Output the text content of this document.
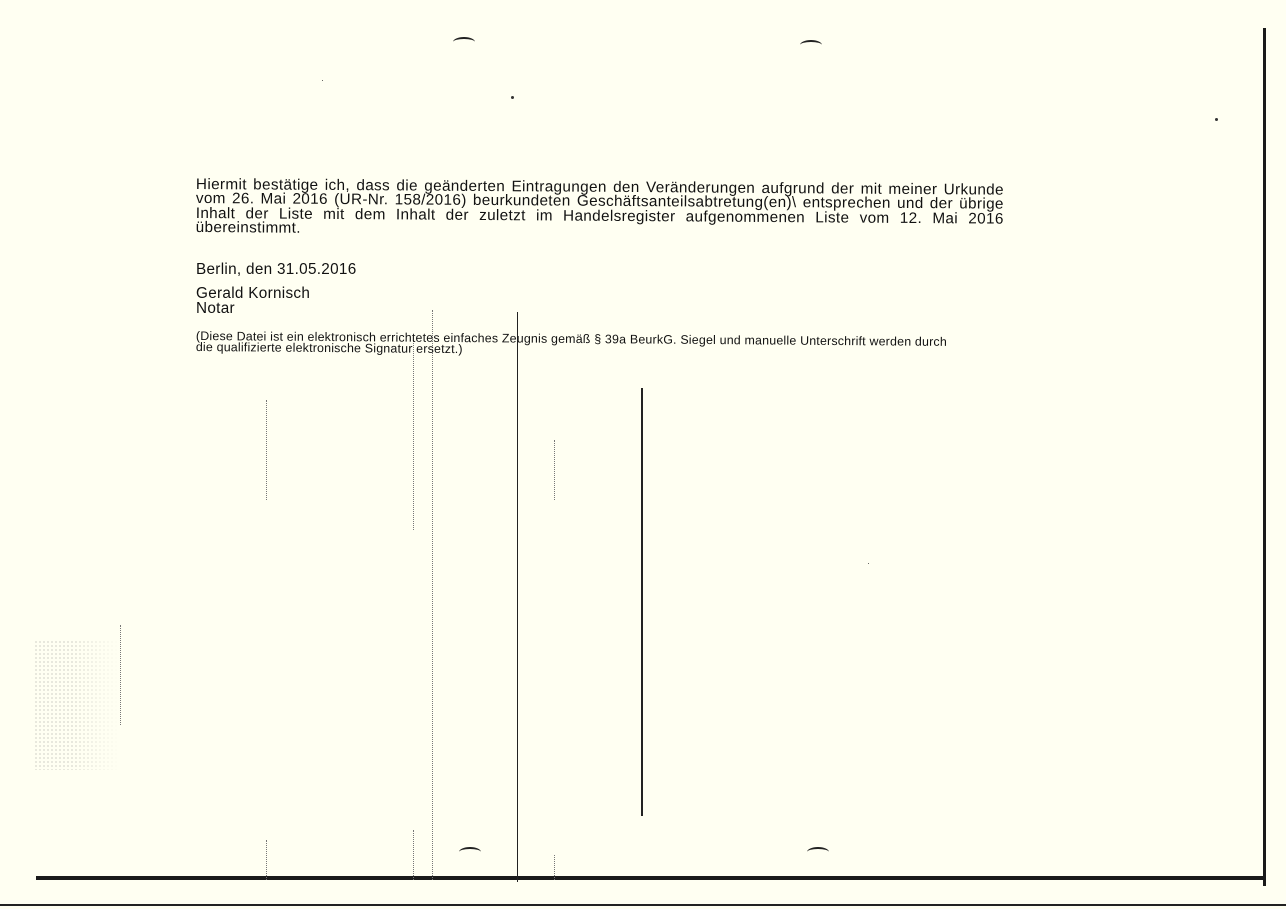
Hiermit bestätige ich, dass die geänderten Eintragungen den Veränderungen aufgrund der mit meiner Urkunde vom 26. Mai 2016 (UR-Nr. 158/2016) beurkundeten Geschäftsanteilsabtretung(en)\ entsprechen und der übrige Inhalt der Liste mit dem Inhalt der zuletzt im Handelsregister aufgenommenen Liste vom 12. Mai 2016 übereinstimmt.
Berlin, den 31.05.2016
Gerald Kornisch
Notar
(Diese Datei ist ein elektronisch errichtetes einfaches Zeugnis gemäß § 39a BeurkG. Siegel und manuelle Unterschrift werden durch die qualifizierte elektronische Signatur ersetzt.)
